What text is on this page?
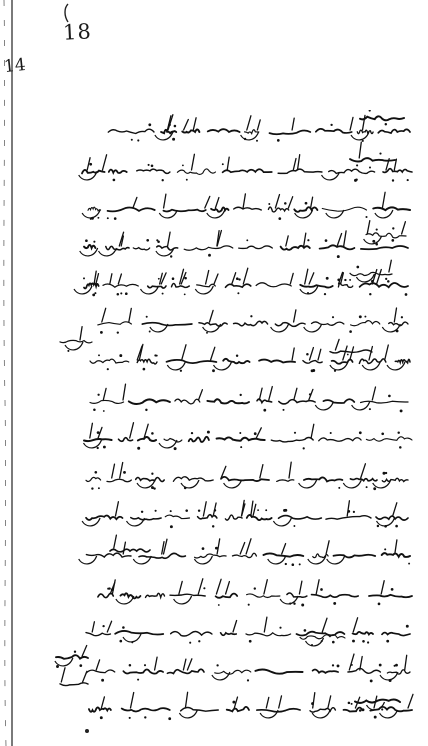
18
14
